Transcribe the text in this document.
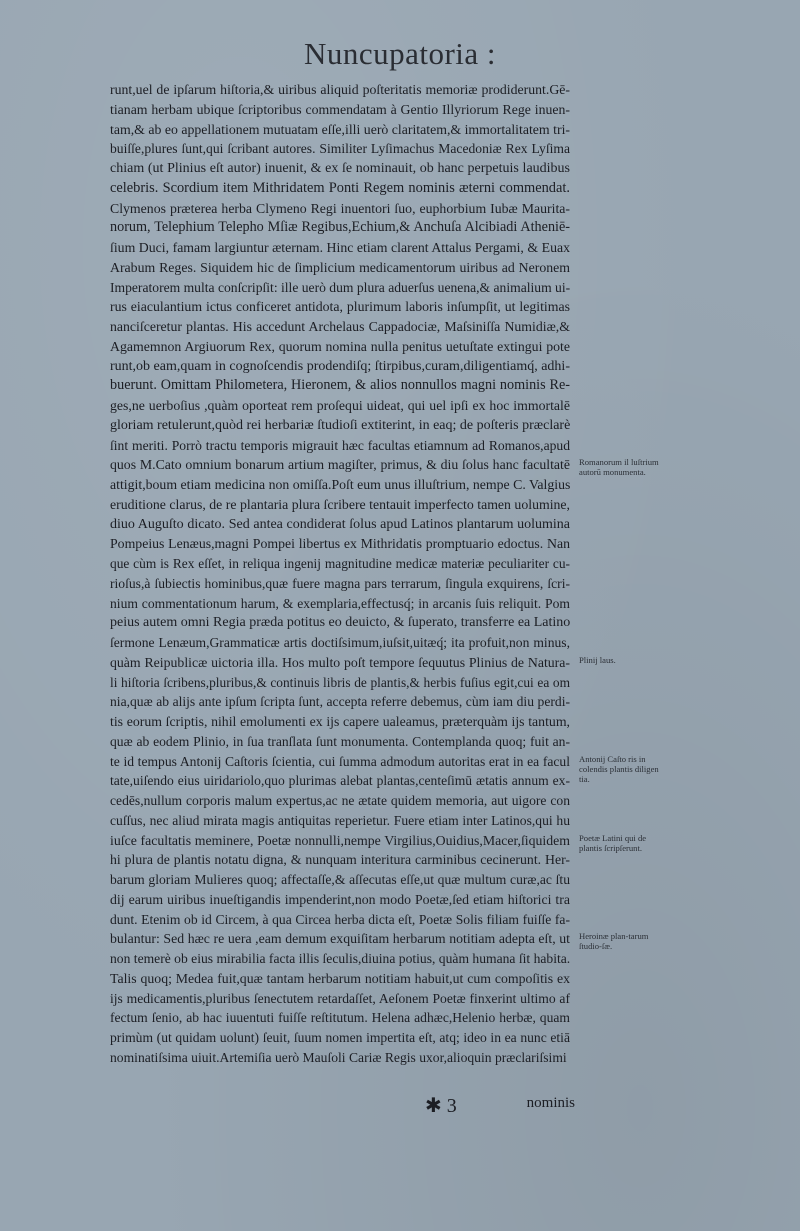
Nuncupatoria :
runt,uel de ipſarum hiſtoria,& uiribus aliquid poſteritatis memoriæ prodiderunt.Gē-
tianam herbam ubique ſcriptoribus commendatam à Gentio Illyriorum Rege inuen-
tam,& ab eo appellationem mutuatam eſſe,illi uerò claritatem,& immortalitatem tri-
buiſſe,plures ſunt,qui ſcribant autores. Similiter Lyſimachus Macedoniæ Rex Lyſima
chiam (ut Plinius eſt autor) inuenit, & ex ſe nominauit, ob hanc perpetuis laudibus
celebris. Scordium item Mithridatem Ponti Regem nominis æterni commendat.
Clymenos præterea herba Clymeno Regi inuentori ſuo, euphorbium Iubæ Maurita-
norum, Telephium Telepho Mſiæ Regibus,Echium,& Anchuſa Alcibiadi Atheniē-
ſium Duci, famam largiuntur æternam. Hinc etiam clarent Attalus Pergami, & Euax
Arabum Reges. Siquidem hic de ſimplicium medicamentorum uiribus ad Neronem
Imperatorem multa conſcripſit: ille uerò dum plura aduerſus uenena,& animalium ui-
rus eiaculantium ictus conficeret antidota, plurimum laboris inſumpſit, ut legitimas
nanciſceretur plantas. His accedunt Archelaus Cappadociæ, Maſsiniſſa Numidiæ,&
Agamemnon Argiuorum Rex, quorum nomina nulla penitus uetuſtate extingui pote
runt,ob eam,quam in cognoſcendis prodendiſq; ſtirpibus,curam,diligentiamq́, adhi-
buerunt. Omittam Philometera, Hieronem, & alios nonnullos magni nominis Re-
ges,ne uerboſius ,quàm oporteat rem proſequi uideat, qui uel ipſi ex hoc immortalē
gloriam retulerunt,quòd rei herbariæ ſtudioſi extiterint, in eaq; de poſteris præclarè
ſint meriti. Porrò tractu temporis migrauit hæc facultas etiamnum ad Romanos,apud
quos M.Cato omnium bonarum artium magiſter, primus, & diu ſolus hanc facultatē
attigit,boum etiam medicina non omiſſa.Poſt eum unus illuſtrium, nempe C. Valgius
eruditione clarus, de re plantaria plura ſcribere tentauit imperfecto tamen uolumine,
diuo Auguſto dicato. Sed antea condiderat ſolus apud Latinos plantarum uolumina
Pompeius Lenæus,magni Pompei libertus ex Mithridatis promptuario edoctus. Nan
que cùm is Rex eſſet, in reliqua ingenij magnitudine medicæ materiæ peculiariter cu-
rioſus,à ſubiectis hominibus,quæ fuere magna pars terrarum, ſingula exquirens, ſcri-
nium commentationum harum, & exemplaria,effectusq́; in arcanis ſuis reliquit. Pom
peius autem omni Regia præda potitus eo deuicto, & ſuperato, transferre ea Latino
ſermone Lenæum,Grammaticæ artis doctiſsimum,iuſsit,uitæq́; ita profuit,non minus,
quàm Reipublicæ uictoria illa. Hos multo poſt tempore ſequutus Plinius de Natura-
li hiſtoria ſcribens,pluribus,& continuis libris de plantis,& herbis fuſius egit,cui ea om
nia,quæ ab alijs ante ipſum ſcripta ſunt, accepta referre debemus, cùm iam diu perdi-
tis eorum ſcriptis, nihil emolumenti ex ijs capere ualeamus, præterquàm ijs tantum,
quæ ab eodem Plinio, in ſua tranſlata ſunt monumenta. Contemplanda quoq; fuit an-
te id tempus Antonij Caſtoris ſcientia, cui ſumma admodum autoritas erat in ea facul
tate,uiſendo eius uiridariolo,quo plurimas alebat plantas,centeſimū ætatis annum ex-
cedēs,nullum corporis malum expertus,ac ne ætate quidem memoria, aut uigore con
cuſſus, nec aliud mirata magis antiquitas reperietur. Fuere etiam inter Latinos,qui hu
iuſce facultatis meminere, Poetæ nonnulli,nempe Virgilius,Ouidius,Macer,ſiquidem
hi plura de plantis notatu digna, & nunquam interitura carminibus cecinerunt. Her-
barum gloriam Mulieres quoq; affectaſſe,& aſſecutas eſſe,ut quæ multum curæ,ac ſtu
dij earum uiribus inueſtigandis impenderint,non modo Poetæ,ſed etiam hiſtorici tra
dunt. Etenim ob id Circem, à qua Circea herba dicta eſt, Poetæ Solis filiam fuiſſe fa-
bulantur: Sed hæc re uera ,eam demum exquiſitam herbarum notitiam adepta eſt, ut
non temerè ob eius mirabilia facta illis ſeculis,diuina potius, quàm humana ſit habita.
Talis quoq; Medea fuit,quæ tantam herbarum notitiam habuit,ut cum compoſitis ex
ijs medicamentis,pluribus ſenectutem retardaſſet, Aeſonem Poetæ finxerint ultimo af
fectum ſenio, ab hac iuuentuti fuiſſe reſtitutum. Helena adhæc,Helenio herbæ, quam
primùm (ut quidam uolunt) ſeuit, ſuum nomen impertita eſt, atq; ideo in ea nunc etiā
nominatiſsima uiuit.Artemiſia uerò Mauſoli Cariæ Regis uxor,alioquin præclariſsimi
Romanorum il luſtrium autorū monumenta.
Plinij laus.
Antonij Caſto ris in colendis plantis diligen tia.
Poetæ Latini qui de plantis ſcripſerunt.
Heroinæ plan-tarum ſtudio-ſæ.
✱ 3	nominis
